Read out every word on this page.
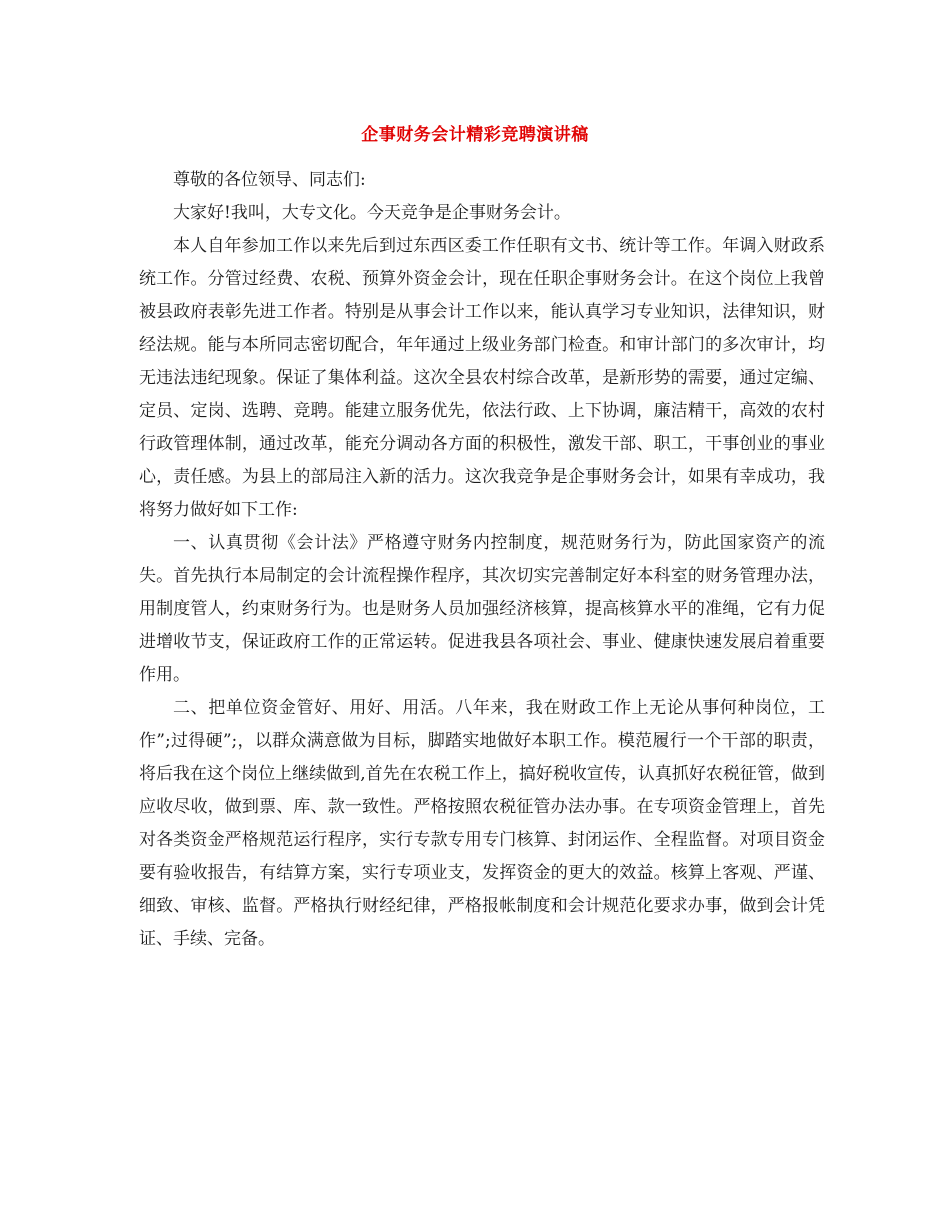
企事财务会计精彩竞聘演讲稿

尊敬的各位领导、同志们:

大家好!我叫，大专文化。今天竞争是企事财务会计。

本人自年参加工作以来先后到过东西区委工作任职有文书、统计等工作。年调入财政系统工作。分管过经费、农税、预算外资金会计，现在任职企事财务会计。在这个岗位上我曾被县政府表彰先进工作者。特别是从事会计工作以来，能认真学习专业知识，法律知识，财经法规。能与本所同志密切配合，年年通过上级业务部门检查。和审计部门的多次审计，均无违法违纪现象。保证了集体利益。这次全县农村综合改革，是新形势的需要，通过定编、定员、定岗、选聘、竞聘。能建立服务优先，依法行政、上下协调，廉洁精干，高效的农村行政管理体制，通过改革，能充分调动各方面的积极性，激发干部、职工，干事创业的事业心，责任感。为县上的部局注入新的活力。这次我竞争是企事财务会计，如果有幸成功，我将努力做好如下工作:

一、认真贯彻《会计法》严格遵守财务内控制度，规范财务行为，防此国家资产的流失。首先执行本局制定的会计流程操作程序，其次切实完善制定好本科室的财务管理办法，用制度管人，约束财务行为。也是财务人员加强经济核算，提高核算水平的准绳，它有力促进增收节支，保证政府工作的正常运转。促进我县各项社会、事业、健康快速发展启着重要作用。

二、把单位资金管好、用好、用活。八年来，我在财政工作上无论从事何种岗位，工作”;过得硬”;，以群众满意做为目标，脚踏实地做好本职工作。模范履行一个干部的职责，将后我在这个岗位上继续做到,首先在农税工作上，搞好税收宣传，认真抓好农税征管，做到应收尽收，做到票、库、款一致性。严格按照农税征管办法办事。在专项资金管理上，首先对各类资金严格规范运行程序，实行专款专用专门核算、封闭运作、全程监督。对项目资金要有验收报告，有结算方案，实行专项业支，发挥资金的更大的效益。核算上客观、严谨、细致、审核、监督。严格执行财经纪律，严格报帐制度和会计规范化要求办事，做到会计凭证、手续、完备。
